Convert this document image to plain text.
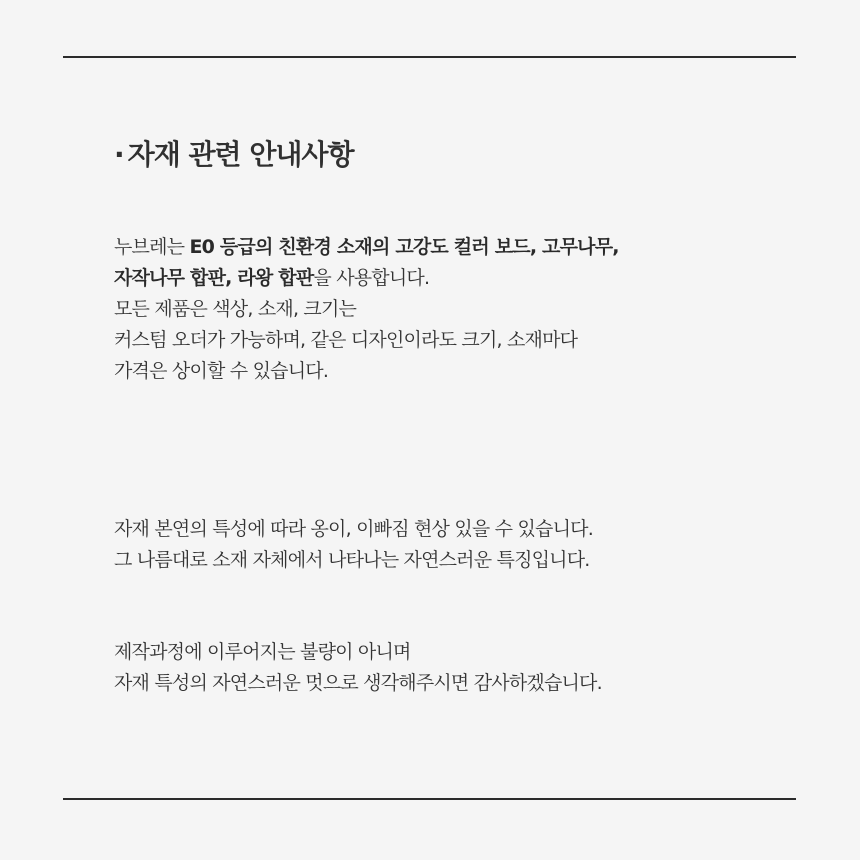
· 자재 관련 안내사항

누브레는 E0 등급의 친환경 소재의 고강도 컬러 보드, 고무나무,
자작나무 합판, 라왕 합판을 사용합니다.
모든 제품은 색상, 소재, 크기는
커스텀 오더가 가능하며, 같은 디자인이라도 크기, 소재마다
가격은 상이할 수 있습니다.

자재 본연의 특성에 따라 옹이, 이빠짐 현상 있을 수 있습니다.
그 나름대로 소재 자체에서 나타나는 자연스러운 특징입니다.

제작과정에 이루어지는 불량이 아니며
자재 특성의 자연스러운 멋으로 생각해주시면 감사하겠습니다.
